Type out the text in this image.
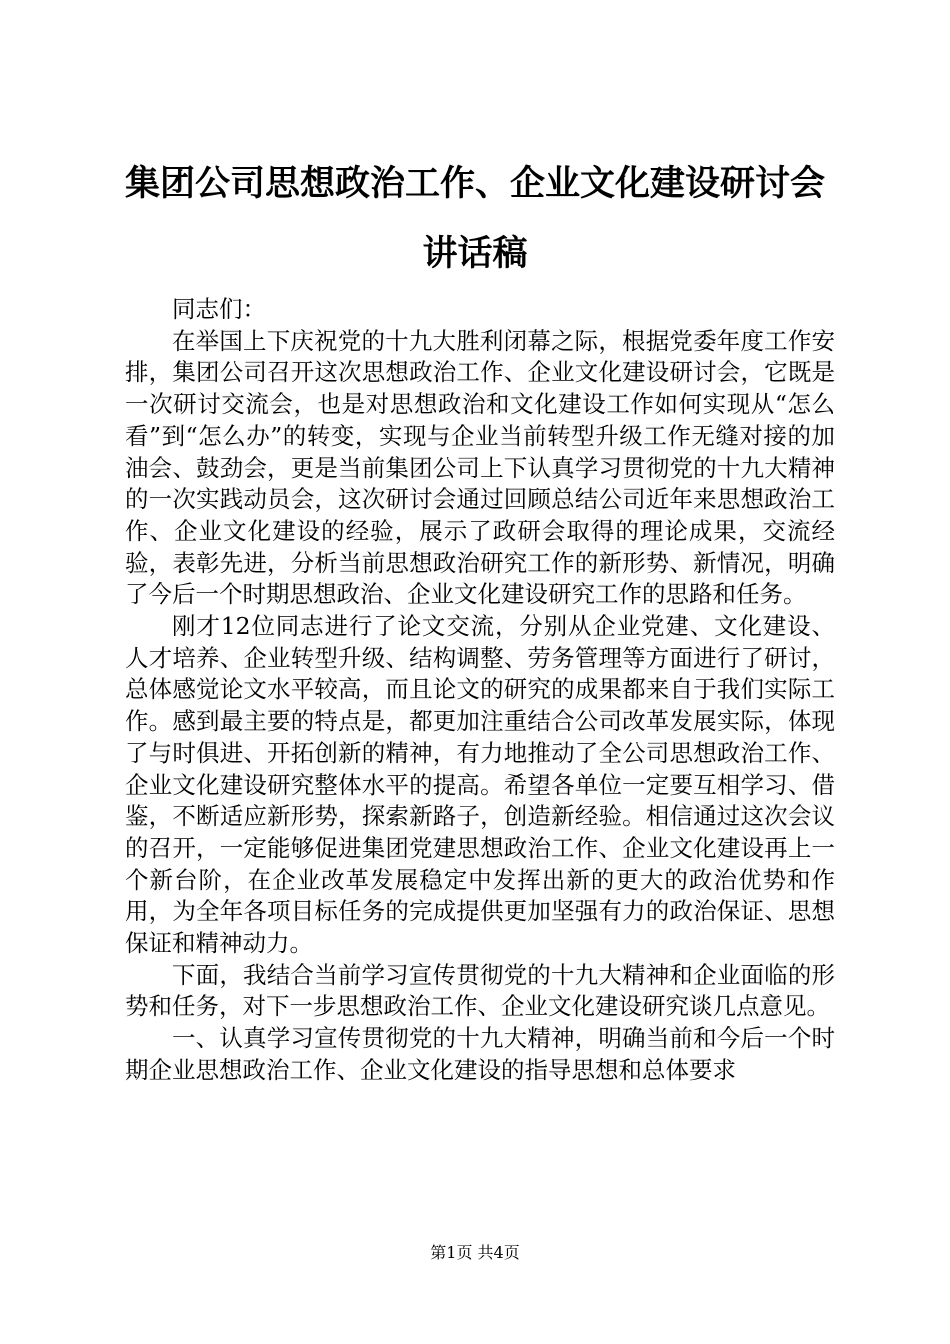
集团公司思想政治工作、企业文化建设研讨会
讲话稿

同志们：

在举国上下庆祝党的十九大胜利闭幕之际，根据党委年度工作安排，集团公司召开这次思想政治工作、企业文化建设研讨会，它既是一次研讨交流会，也是对思想政治和文化建设工作如何实现从“怎么看”到“怎么办”的转变，实现与企业当前转型升级工作无缝对接的加油会、鼓劲会，更是当前集团公司上下认真学习贯彻党的十九大精神的一次实践动员会，这次研讨会通过回顾总结公司近年来思想政治工作、企业文化建设的经验，展示了政研会取得的理论成果，交流经验，表彰先进，分析当前思想政治研究工作的新形势、新情况，明确了今后一个时期思想政治、企业文化建设研究工作的思路和任务。

刚才12位同志进行了论文交流，分别从企业党建、文化建设、人才培养、企业转型升级、结构调整、劳务管理等方面进行了研讨，总体感觉论文水平较高，而且论文的研究的成果都来自于我们实际工作。感到最主要的特点是，都更加注重结合公司改革发展实际，体现了与时俱进、开拓创新的精神，有力地推动了全公司思想政治工作、企业文化建设研究整体水平的提高。希望各单位一定要互相学习、借鉴，不断适应新形势，探索新路子，创造新经验。相信通过这次会议的召开，一定能够促进集团党建思想政治工作、企业文化建设再上一个新台阶，在企业改革发展稳定中发挥出新的更大的政治优势和作用，为全年各项目标任务的完成提供更加坚强有力的政治保证、思想保证和精神动力。

下面，我结合当前学习宣传贯彻党的十九大精神和企业面临的形势和任务，对下一步思想政治工作、企业文化建设研究谈几点意见。

一、认真学习宣传贯彻党的十九大精神，明确当前和今后一个时期企业思想政治工作、企业文化建设的指导思想和总体要求

第1页 共4页
